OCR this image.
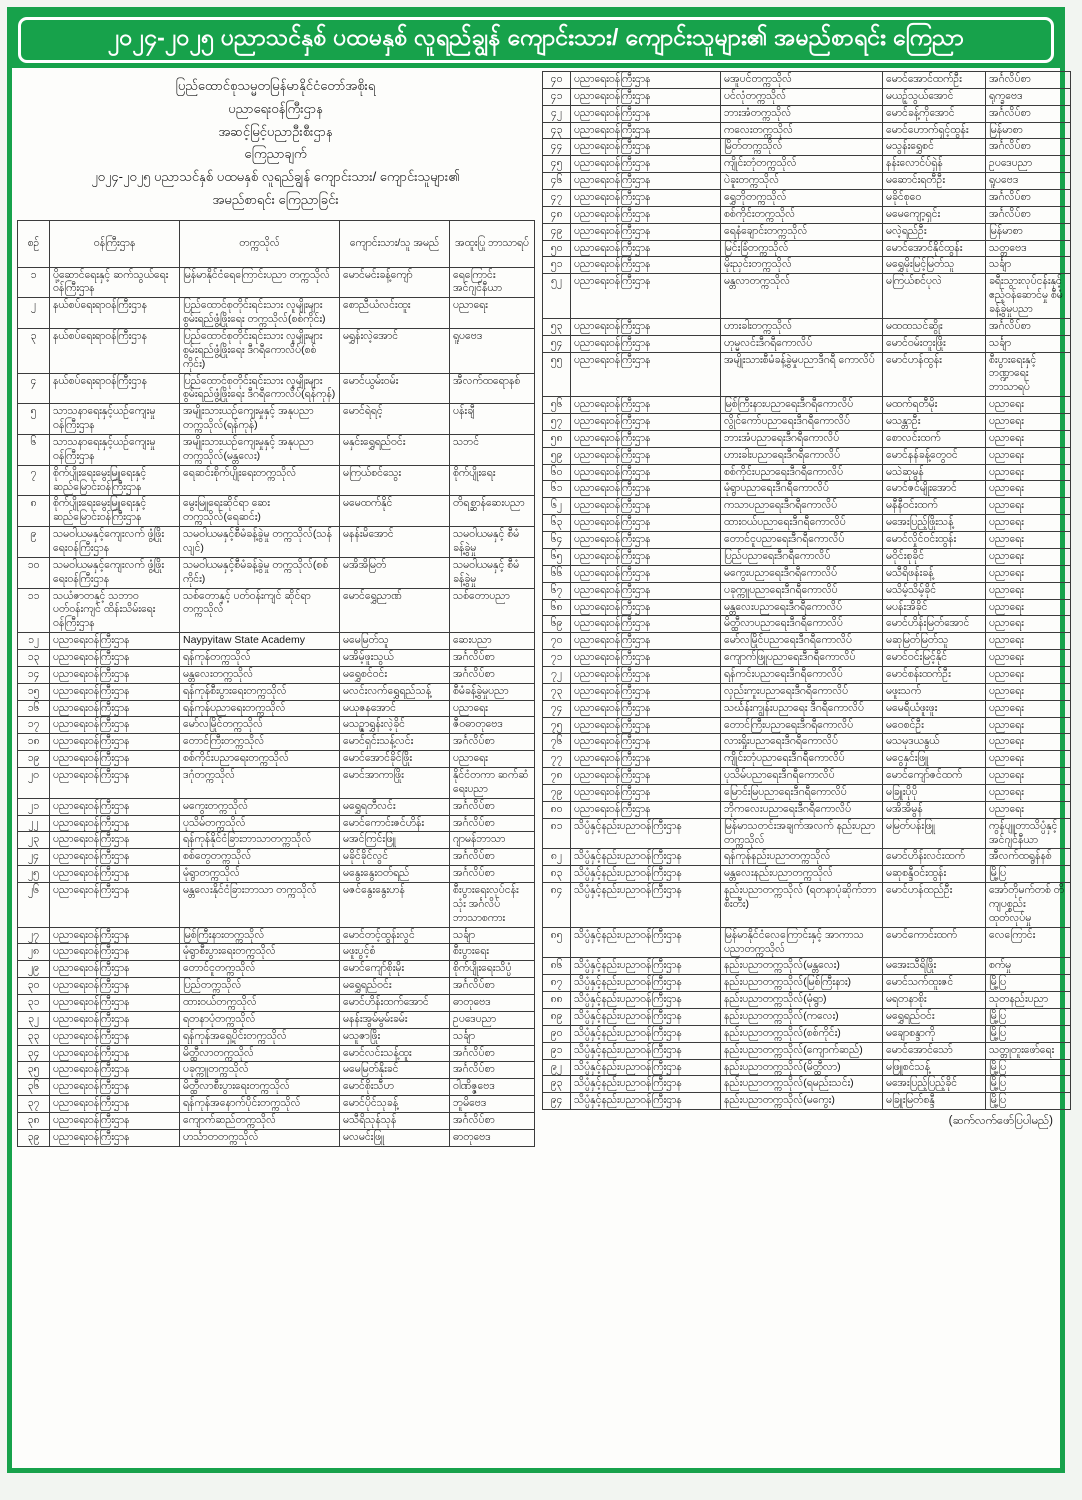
၂၀၂၄-၂၀၂၅ ပညာသင်နှစ် ပထမနှစ် လူရည်ချွန် ကျောင်းသား/ ကျောင်းသူများ၏ အမည်စာရင်း ကြေညာ
ပြည်ထောင်စုသမ္မတမြန်မာနိုင်ငံတော်အစိုးရ
ပညာရေးဝန်ကြီးဌာန
အဆင့်မြင့်ပညာဦးစီးဌာန
ကြေညာချက်
၂၀၂၄-၂၀၂၅ ပညာသင်နှစ် ပထမနှစ် လူရည်ချွန် ကျောင်းသား/ ကျောင်းသူများ၏
အမည်စာရင်း ကြေညာခြင်း
စဉ်	ဝန်ကြီးဌာန	တက္ကသိုလ်	ကျောင်းသား/သူ အမည်	အထူးပြု ဘာသာရပ်
၁	ပို့ဆောင်ရေးနှင့် ဆက်သွယ်ရေးဝန်ကြီးဌာန	မြန်မာနိုင်ငံရေကြောင်းပညာ တက္ကသိုလ်	မောင်မင်းခန့်ကျော်	ရေကြောင်း အင်ဂျင်နီယာ
၂	နယ်စပ်ရေးရာဝန်ကြီးဌာန	ပြည်ထောင်စုတိုင်းရင်းသား လူမျိုးများစွမ်းရည်ဖွံ့ဖြိုးရေး တက္ကသိုလ်(စစ်ကိုင်း)	စောညီယံလင်းထူး	ပညာရေး
၃	နယ်စပ်ရေးရာဝန်ကြီးဌာန	ပြည်ထောင်စုတိုင်းရင်းသား လူမျိုးများစွမ်းရည်ဖွံ့ဖြိုးရေး ဒီဂရီကောလိပ်(စစ်ကိုင်း)	မရွှန်းလဲ့အောင်	ရူပဗေဒ
၄	နယ်စပ်ရေးရာဝန်ကြီးဌာန	ပြည်ထောင်စုတိုင်းရင်းသား လူမျိုးများစွမ်းရည်ဖွံ့ဖြိုးရေး ဒီဂရီကောလိပ်(ရန်ကုန်)	မောင်ယွမ်းဝမ်း	အီလက်ထရောနစ်
၅	သာသနာရေးနှင့်ယဉ်ကျေးမှု ဝန်ကြီးဌာန	အမျိုးသားယဉ်ကျေးမှုနှင့် အနုပညာတက္ကသိုလ်(ရန်ကုန်)	မောင်ရဲရင့်	ပန်းချီ
၆	သာသနာရေးနှင့်ယဉ်ကျေးမှု ဝန်ကြီးဌာန	အမျိုးသားယဉ်ကျေးမှုနှင့် အနုပညာတက္ကသိုလ်(မန္တလေး)	မနှင်းရွှေရည်ဝင်း	သဘင်
၇	စိုက်ပျိုးရေးမွေးမြူရေးနှင့် ဆည်မြောင်းဝန်ကြီးဌာန	ရေဆင်းစိုက်ပျိုးရေးတက္ကသိုလ်	မကြယ်စင်သွေး	စိုက်ပျိုးရေး
၈	စိုက်ပျိုးရေးမွေးမြူရေးနှင့် ဆည်မြောင်းဝန်ကြီးဌာန	မွေးမြူရေးဆိုင်ရာ ဆေးတက္ကသိုလ်(ရေဆင်း)	မမေထက်နိုင်	တိရစ္ဆာန်ဆေးပညာ
၉	သမဝါယမနှင့်ကျေးလက် ဖွံ့ဖြိုးရေးဝန်ကြီးဌာန	သမဝါယမနှင့်စီမံခန့်ခွဲမှု တက္ကသိုလ်(သန်လျင်)	မနန်းမိအောင်	သမဝါယမနှင့် စီမံခန့်ခွဲမှု
၁၀	သမဝါယမနှင့်ကျေးလက် ဖွံ့ဖြိုးရေးဝန်ကြီးဌာန	သမဝါယမနှင့်စီမံခန့်ခွဲမှု တက္ကသိုလ်(စစ်ကိုင်း)	မအိအိမြတ်	သမဝါယမနှင့် စီမံခန့်ခွဲမှု
၁၁	သယံဇာတနှင့် သဘာဝပတ်ဝန်းကျင် ထိန်းသိမ်းရေး ဝန်ကြီးဌာန	သစ်တောနှင့် ပတ်ဝန်းကျင် ဆိုင်ရာတက္ကသိုလ်	မောင်ရွှေညာဏ်	သစ်တောပညာ
၁၂	ပညာရေးဝန်ကြီးဌာန	Naypyitaw State Academy	မမေမြတ်သူ	ဆေးပညာ
၁၃	ပညာရေးဝန်ကြီးဌာန	ရန်ကုန်တက္ကသိုလ်	မအိမ့်ဖူးသွယ်	အင်္ဂလိပ်စာ
၁၄	ပညာရေးဝန်ကြီးဌာန	မန္တလေးတက္ကသိုလ်	မရွှေစင်ဝင်း	အင်္ဂလိပ်စာ
၁၅	ပညာရေးဝန်ကြီးဌာန	ရန်ကုန်စီးပွားရေးတက္ကသိုလ်	မလင်းလက်ရွှေရည်သန့်	စီမံခန့်ခွဲမှုပညာ
၁၆	ပညာရေးဝန်ကြီးဌာန	ရန်ကုန်ပညာရေးတက္ကသိုလ်	မယုဇနအောင်	ပညာရေး
၁၇	ပညာရေးဝန်ကြီးဌာန	မော်လမြိုင်တက္ကသိုလ်	မသဉ္ဇာရွှန်းလဲ့ခိုင်	ဇီဝဓာတုဗေဒ
၁၈	ပညာရေးဝန်ကြီးဌာန	တောင်ကြီးတက္ကသိုလ်	မောင်ရှင်းသန့်လင်း	အင်္ဂလိပ်စာ
၁၉	ပညာရေးဝန်ကြီးဌာန	စစ်ကိုင်းပညာရေးတက္ကသိုလ်	မောင်အောင်ခိုင်ဖြိုး	ပညာရေး
၂၀	ပညာရေးဝန်ကြီးဌာန	ဒဂုံတက္ကသိုလ်	မောင်အာကာဖြိုး	နိုင်ငံတကာ ဆက်ဆံရေးပညာ
၂၁	ပညာရေးဝန်ကြီးဌာန	မကွေးတက္ကသိုလ်	မရွှေရတီလင်း	အင်္ဂလိပ်စာ
၂၂	ပညာရေးဝန်ကြီးဌာန	ပုသိမ်တက္ကသိုလ်	မောင်ကောင်းဇင်ဟိန်း	အင်္ဂလိပ်စာ
၂၃	ပညာရေးဝန်ကြီးဌာန	ရန်ကုန်နိုင်ငံခြားဘာသာတက္ကသိုလ်	မအင်ကြင်းဖြူ	ဂျာမန်ဘာသာ
၂၄	ပညာရေးဝန်ကြီးဌာန	စစ်တွေတက္ကသိုလ်	မခိုင်ခိုင်လွင်	အင်္ဂလိပ်စာ
၂၅	ပညာရေးဝန်ကြီးဌာန	မုံရွာတက္ကသိုလ်	မနွေးနွေးဝတ်ရည်	အင်္ဂလိပ်စာ
၂၆	ပညာရေးဝန်ကြီးဌာန	မန္တလေးနိုင်ငံခြားဘာသာ တက္ကသိုလ်	မဇင်နွေးနွေးဟန်	စီးပွားရေးလုပ်ငန်း သုံး အင်္ဂလိပ် ဘာသာစကား
၂၇	ပညာရေးဝန်ကြီးဌာန	မြစ်ကြီးနားတက္ကသိုလ်	မောင်တင့်ထွန်းလွင်	သင်္ချာ
၂၈	ပညာရေးဝန်ကြီးဌာန	မုံရွာစီးပွားရေးတက္ကသိုလ်	မဖူးပွင့်စံ	စီးပွားရေး
၂၉	ပညာရေးဝန်ကြီးဌာန	တောင်ငူတက္ကသိုလ်	မောင်ကျော်စိုးမိုး	စိုက်ပျိုးရေးသိပ္ပံ
၃၀	ပညာရေးဝန်ကြီးဌာန	ပြည်တက္ကသိုလ်	မရွှေရည်ဝင်း	အင်္ဂလိပ်စာ
၃၁	ပညာရေးဝန်ကြီးဌာန	ထားဝယ်တက္ကသိုလ်	မောင်ဟိန်းထက်အောင်	ဓာတုဗေဒ
၃၂	ပညာရေးဝန်ကြီးဌာန	ရတနာပုံတက္ကသိုလ်	မနန်းအွမ်မွမ်းခမ်း	ဥပဒေပညာ
၃၃	ပညာရေးဝန်ကြီးဌာန	ရန်ကုန်အရှေ့ပိုင်းတက္ကသိုလ်	မသူဇာဖြိုး	သင်္ချာ
၃၄	ပညာရေးဝန်ကြီးဌာန	မိတ္ထီလာတက္ကသိုလ်	မောင်လင်းသန့်ထူး	အင်္ဂလိပ်စာ
၃၅	ပညာရေးဝန်ကြီးဌာန	ပခုက္ကူတက္ကသိုလ်	မမေမြတ်နိုးခင်	အင်္ဂလိပ်စာ
၃၆	ပညာရေးဝန်ကြီးဌာန	မိတ္ထီလာစီးပွားရေးတက္ကသိုလ်	မောင်စိုးသီဟ	ဝါဏိဇ္ဇဗေဒ
၃၇	ပညာရေးဝန်ကြီးဌာန	ရန်ကုန်အနောက်ပိုင်းတက္ကသိုလ်	မောင်ပိုင်သုခန့်	ဘူမိဗေဒ
၃၈	ပညာရေးဝန်ကြီးဌာန	ကျောက်ဆည်တက္ကသိုလ်	မသီရိသုန်သုန်	အင်္ဂလိပ်စာ
၃၉	ပညာရေးဝန်ကြီးဌာန	ဟင်္သာတတက္ကသိုလ်	မလမင်းဖြူ	ဓာတုဗေဒ
၄၀	ပညာရေးဝန်ကြီးဌာန	မအူပင်တက္ကသိုလ်	မောင်အောင်ထက်ဦး	အင်္ဂလိပ်စာ
၄၁	ပညာရေးဝန်ကြီးဌာန	ပင်လုံတက္ကသိုလ်	မယဉ့်သွယ်အောင်	ရုက္ခဗေဒ
၄၂	ပညာရေးဝန်ကြီးဌာန	ဘားအံတက္ကသိုလ်	မောင်ခန့်ကိုအောင်	အင်္ဂလိပ်စာ
၄၃	ပညာရေးဝန်ကြီးဌာန	ကလေးတက္ကသိုလ်	မောင်ဟောက်ရှင့်ထွန်း	မြန်မာစာ
၄၄	ပညာရေးဝန်ကြီးဌာန	မြိတ်တက္ကသိုလ်	မသွန်းရွှေစင်	အင်္ဂလိပ်စာ
၄၅	ပညာရေးဝန်ကြီးဌာန	ကျိုင်းတုံတက္ကသိုလ်	နန်းလောင်ပ်ရှဲန်	ဥပဒေပညာ
၄၆	ပညာရေးဝန်ကြီးဌာန	ပဲခူးတက္ကသိုလ်	မဆောင်းရတီဦး	ရူပဗေဒ
၄၇	ပညာရေးဝန်ကြီးဌာန	ရွှေဘိုတက္ကသိုလ်	မခိုင်စုဝေ	အင်္ဂလိပ်စာ
၄၈	ပညာရေးဝန်ကြီးဌာန	စစ်ကိုင်းတက္ကသိုလ်	မမေကျော့ရှင်း	အင်္ဂလိပ်စာ
၄၉	ပညာရေးဝန်ကြီးဌာန	ရေနံချောင်းတက္ကသိုလ်	မလဲ့ရည်ဦး	မြန်မာစာ
၅၀	ပညာရေးဝန်ကြီးဌာန	မြင်းခြံတက္ကသိုလ်	မောင်အောင်နိုင်ထွန်း	သတ္တဗေဒ
၅၁	ပညာရေးဝန်ကြီးဌာန	မိုးညှင်းတက္ကသိုလ်	မရွှေမိုးမြင့်မြတ်သူ	သင်္ချာ
၅၂	ပညာရေးဝန်ကြီးဌာန	မန္တလာတက္ကသိုလ်	မကြယ်စင်ပုလဲ	ခရီးသွားလုပ်ငန်းနှင့် ဧည့်ဝန်ဆောင်မှု စီမံခန့်ခွဲမှုပညာ
၅၃	ပညာရေးဝန်ကြီးဌာန	ဟားခါးတက္ကသိုလ်	မထထသင်ဆွိုး	အင်္ဂလိပ်စာ
၅၄	ပညာရေးဝန်ကြီးဌာန	ဟုမ္မလင်းဒီဂရီကောလိပ်	မောင်ဝမ်းတူးဖြိုး	သင်္ချာ
၅၅	ပညာရေးဝန်ကြီးဌာန	အမျိုးသားစီမံခန့်ခွဲမှုပညာဒီဂရီ ကောလိပ်	မောင်ဟန်ထွန်း	စီးပွားရေးနှင့်ဘဏ္ဍာရေး ဘာသာရပ်
၅၆	ပညာရေးဝန်ကြီးဌာန	မြစ်ကြီးနားပညာရေးဒီဂရီကောလိပ်	မထက်ရတီမိုး	ပညာရေး
၅၇	ပညာရေးဝန်ကြီးဌာန	လွိုင်ကော်ပညာရေးဒီဂရီကောလိပ်	မသန္တာဦး	ပညာရေး
၅၈	ပညာရေးဝန်ကြီးဌာန	ဘားအံပညာရေးဒီဂရီကောလိပ်	စောလင်းထက်	ပညာရေး
၅၉	ပညာရေးဝန်ကြီးဌာန	ဟားခါးပညာရေးဒီဂရီကောလိပ်	မောင်နန်ခန့်တွေဝင်	ပညာရေး
၆၀	ပညာရေးဝန်ကြီးဌာန	စစ်ကိုင်းပညာရေးဒီဂရီကောလိပ်	မသဲဆုမွန်	ပညာရေး
၆၁	ပညာရေးဝန်ကြီးဌာန	မုံရွာပညာရေးဒီဂရီကောလိပ်	မောင်ဇင်မျိုးအောင်	ပညာရေး
၆၂	ပညာရေးဝန်ကြီးဌာန	ကသာပညာရေးဒီဂရီကောလိပ်	မနီနီဝင်းထက်	ပညာရေး
၆၃	ပညာရေးဝန်ကြီးဌာန	ထားဝယ်ပညာရေးဒီဂရီကောလိပ်	မအေးပြည့်ဖြိုးသန့်	ပညာရေး
၆၄	ပညာရေးဝန်ကြီးဌာန	တောင်ငူပညာရေးဒီဂရီကောလိပ်	မောင်လှိုင်ဝင်းထွန်း	ပညာရေး
၆၅	ပညာရေးဝန်ကြီးဌာန	ပြည်ပညာရေးဒီဂရီကောလိပ်	မဝိုင်းစုခိုင်	ပညာရေး
၆၆	ပညာရေးဝန်ကြီးဌာန	မကွေးပညာရေးဒီဂရီကောလိပ်	မသီရိဖန်းခန့်	ပညာရေး
၆၇	ပညာရေးဝန်ကြီးဌာန	ပခုက္ကူပညာရေးဒီဂရီကောလိပ်	မသိမ့်သိမ့်ခိုင်	ပညာရေး
၆၈	ပညာရေးဝန်ကြီးဌာန	မန္တလေးပညာရေးဒီဂရီကောလိပ်	မပန်းအိခိုင်	ပညာရေး
၆၉	ပညာရေးဝန်ကြီးဌာန	မိတ္ထီလာပညာရေးဒီဂရီကောလိပ်	မောင်ဟိန်းမြတ်အောင်	ပညာရေး
၇၀	ပညာရေးဝန်ကြီးဌာန	မော်လမြိုင်ပညာရေးဒီဂရီကောလိပ်	မဆုမြတ်မြတ်သူ	ပညာရေး
၇၁	ပညာရေးဝန်ကြီးဌာန	ကျောက်ဖြူပညာရေးဒီဂရီကောလိပ်	မောင်ဝင်းမြင့်နိုင်	ပညာရေး
၇၂	ပညာရေးဝန်ကြီးဌာန	ရန်ကင်းပညာရေးဒီဂရီကောလိပ်	မောင်စန်းထက်ဦး	ပညာရေး
၇၃	ပညာရေးဝန်ကြီးဌာန	လှည်းကူးပညာရေးဒီဂရီကောလိပ်	မဖူးသက်	ပညာရေး
၇၄	ပညာရေးဝန်ကြီးဌာန	သင်္ဃန်းကျွန်းပညာရေး ဒီဂရီကောလိပ်	မမေရီယံဖူးဖူး	ပညာရေး
၇၅	ပညာရေးဝန်ကြီးဌာန	တောင်ကြီးပညာရေးဒီဂရီကောလိပ်	မဝေစင်ဦး	ပညာရေး
၇၆	ပညာရေးဝန်ကြီးဌာန	လားရှိုးပညာရေးဒီဂရီကောလိပ်	မသမုဒယနွယ်	ပညာရေး
၇၇	ပညာရေးဝန်ကြီးဌာန	ကျိုင်းတုံပညာရေးဒီဂရီကောလိပ်	မငွေနှင်းဖြူ	ပညာရေး
၇၈	ပညာရေးဝန်ကြီးဌာန	ပုသိမ်ပညာရေးဒီဂရီကောလိပ်	မောင်ကျော်ဇင်ထက်	ပညာရေး
၇၉	ပညာရေးဝန်ကြီးဌာန	မြောင်းမြပညာရေးဒီဂရီကောလိပ်	မခြူးပိုပို	ပညာရေး
၈၀	ပညာရေးဝန်ကြီးဌာန	ဘိုကလေးပညာရေးဒီဂရီကောလိပ်	မအိအိမွန်	ပညာရေး
၈၁	သိပ္ပံနှင့်နည်းပညာဝန်ကြီးဌာန	မြန်မာသတင်းအချက်အလက် နည်းပညာတက္ကသိုလ်	မမြတ်ပန်းဖြူ	ကွန်ပျူတာသိပ္ပံနှင့် အင်ဂျင်နီယာ
၈၂	သိပ္ပံနှင့်နည်းပညာဝန်ကြီးဌာန	ရန်ကုန်နည်းပညာတက္ကသိုလ်	မောင်ဟိန်းလင်းထက်	အီလက်ထရွန်နစ်
၈၃	သိပ္ပံနှင့်နည်းပညာဝန်ကြီးဌာန	မန္တလေးနည်းပညာတက္ကသိုလ်	မဆုစန္ဒီဝင်းထွန်း	မြို့ပြ
၈၄	သိပ္ပံနှင့်နည်းပညာဝန်ကြီးဌာန	နည်းပညာတက္ကသိုလ် (ရတနာပုံဆိုက်ဘာစီးတီး)	မောင်ဟန်ထည်ဦး	အော်တိုမက်တစ် တိကျပစ္စည်း ထုတ်လုပ်မှု
၈၅	သိပ္ပံနှင့်နည်းပညာဝန်ကြီးဌာန	မြန်မာနိုင်ငံလေကြောင်းနှင့် အာကာသပညာတက္ကသိုလ်	မောင်ကောင်းထက်	လေကြောင်း
၈၆	သိပ္ပံနှင့်နည်းပညာဝန်ကြီးဌာန	နည်းပညာတက္ကသိုလ်(မန္တလေး)	မအေးသီရိဖြိုး	စက်မှု
၈၇	သိပ္ပံနှင့်နည်းပညာဝန်ကြီးဌာန	နည်းပညာတက္ကသိုလ်(မြစ်ကြီးနား)	မောင်သက်ထူးဇင်	မြို့ပြ
၈၈	သိပ္ပံနှင့်နည်းပညာဝန်ကြီးဌာန	နည်းပညာတက္ကသိုလ်(မုံရွာ)	မရတနာစိုး	သုတနည်းပညာ
၈၉	သိပ္ပံနှင့်နည်းပညာဝန်ကြီးဌာန	နည်းပညာတက္ကသိုလ်(ကလေး)	မရွှေရည်ဝင်း	မြို့ပြ
၉၀	သိပ္ပံနှင့်နည်းပညာဝန်ကြီးဌာန	နည်းပညာတက္ကသိုလ်(စစ်ကိုင်း)	မချောစန္ဒာကို	မြို့ပြ
၉၁	သိပ္ပံနှင့်နည်းပညာဝန်ကြီးဌာန	နည်းပညာတက္ကသိုလ်(ကျောက်ဆည်)	မောင်အောင်သော်	သတ္တုတူးဖော်ရေး
၉၂	သိပ္ပံနှင့်နည်းပညာဝန်ကြီးဌာန	နည်းပညာတက္ကသိုလ်(မိတ္ထီလာ)	မဖြူစင်သန့်	မြို့ပြ
၉၃	သိပ္ပံနှင့်နည်းပညာဝန်ကြီးဌာန	နည်းပညာတက္ကသိုလ်(ရမည်းသင်း)	မအေးပြည့်ပြည့်ခိုင်	မြို့ပြ
၉၄	သိပ္ပံနှင့်နည်းပညာဝန်ကြီးဌာန	နည်းပညာတက္ကသိုလ်(မကွေး)	မခြူးမြတ်စန္ဒီ	မြို့ပြ
(ဆက်လက်ဖော်ပြပါမည်)
